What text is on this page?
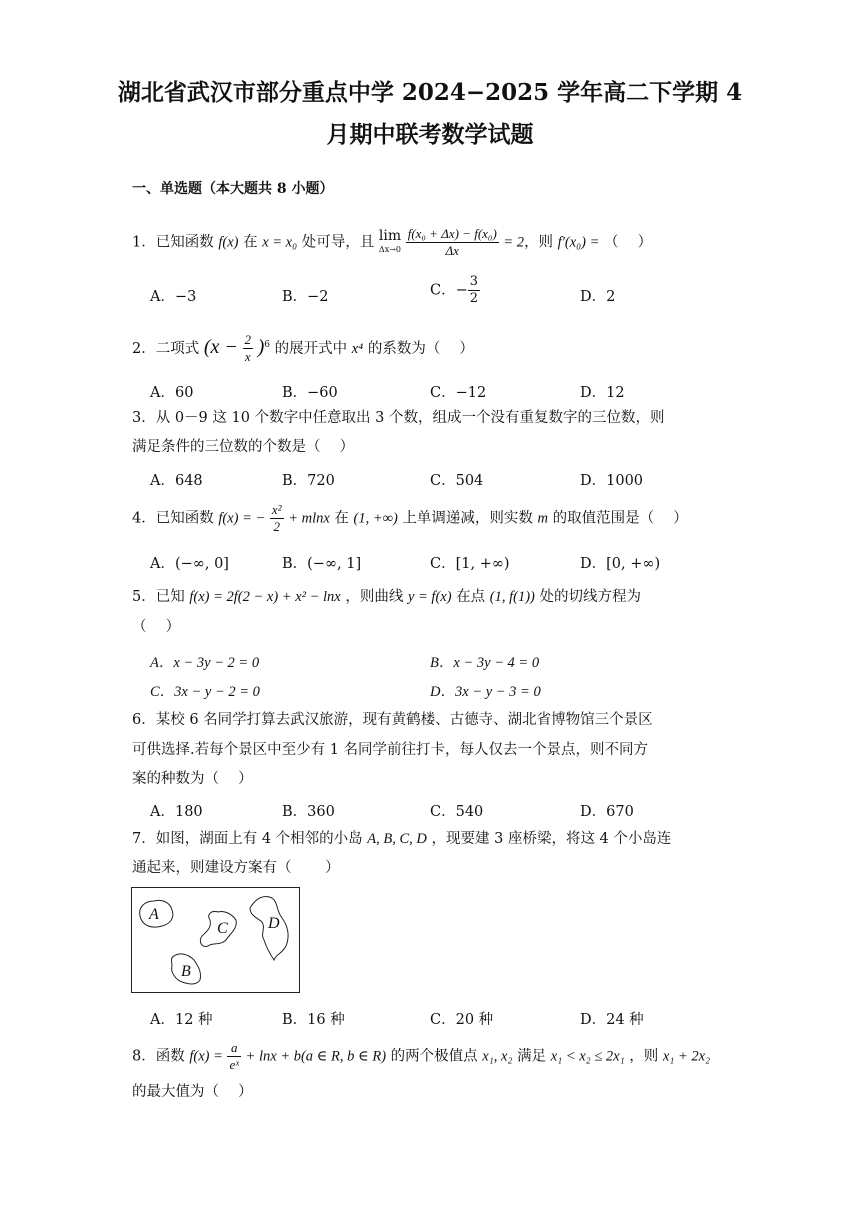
湖北省武汉市部分重点中学 2024−2025 学年高二下学期 4
月期中联考数学试题
一、单选题（本大题共 8 小题）
1．已知函数 f(x) 在 x = x₀ 处可导，且 lim
Δx→0
$\frac{\text{f(x₀ + Δx) − f(x₀)}}{\Delta x} = 2$，则 f′(x₀) = （　 ）
A．−3	B．−2	C．− $\frac{3}{2}$	D．2
2．二项式 $(x - \frac{2}{x} )^6$ 的展开式中 x⁴ 的系数为（　 ）
A．60	B．−60	C．−12	D．12
3．从 0－9 这 10 个数字中任意取出 3 个数，组成一个没有重复数字的三位数，则
满足条件的三位数的个数是（　 ）
A．648	B．720	C．504	D．1000
4．已知函数 f(x) = − $\frac{\text{x²}}{2} + mlnx$ 在 (1, +∞) 上单调递减，则实数 m 的取值范围是（　 ）
A．(−∞, 0]	B．(−∞, 1]	C．[1, +∞)	D．[0, +∞)
5．已知 f(x) = 2f(2 − x) + x² − lnx ，则曲线 y = f(x) 在点 (1, f(1)) 处的切线方程为
（　 ）
A．x − 3y − 2 = 0	B．x − 3y − 4 = 0
C．3x − y − 2 = 0	D．3x − y − 3 = 0
6．某校 6 名同学打算去武汉旅游，现有黄鹤楼、古德寺、湖北省博物馆三个景区
可供选择.若每个景区中至少有 1 名同学前往打卡，每人仅去一个景点，则不同方
案的种数为（　 ）
A．180	B．360	C．540	D．670
7．如图，湖面上有 4 个相邻的小岛 A, B, C, D ，现要建 3 座桥梁，将这 4 个小岛连
通起来，则建设方案有（　　 ）
A
C	D
B
A．12 种	B．16 种	C．20 种	D．24 种
8．函数 $f(x) = \frac{a}{\text{eˣ}} + \ln x + b(a$ ∈ R, b ∈ R) 的两个极值点 x₁, x₂ 满足 x₁ < x₂ ≤ 2x₁ ，则 x₁ + 2x₂
的最大值为（　 ）
